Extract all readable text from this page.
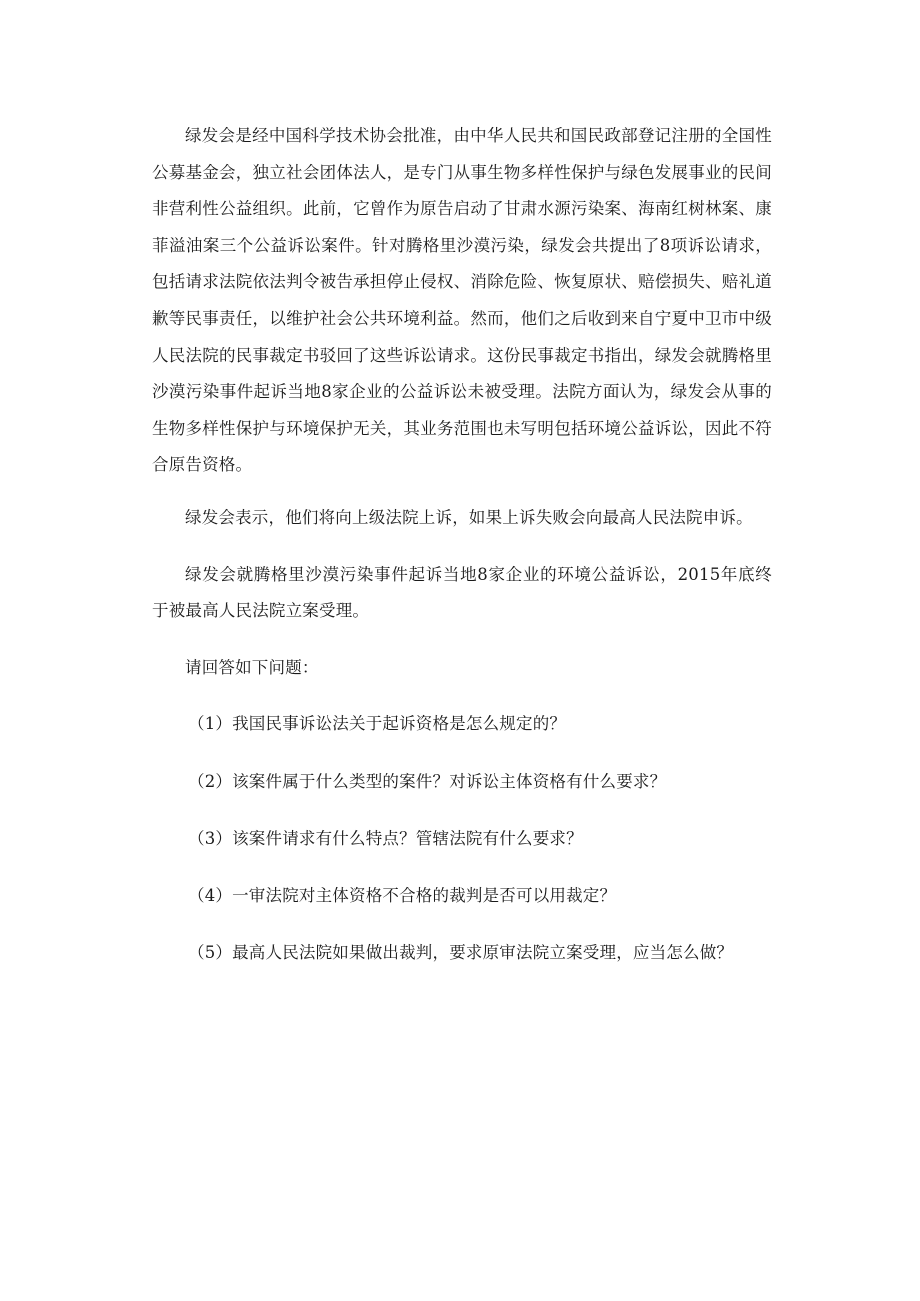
绿发会是经中国科学技术协会批准，由中华人民共和国民政部登记注册的全国性公募基金会，独立社会团体法人，是专门从事生物多样性保护与绿色发展事业的民间非营利性公益组织。此前，它曾作为原告启动了甘肃水源污染案、海南红树林案、康菲溢油案三个公益诉讼案件。针对腾格里沙漠污染，绿发会共提出了8项诉讼请求，包括请求法院依法判令被告承担停止侵权、消除危险、恢复原状、赔偿损失、赔礼道歉等民事责任，以维护社会公共环境利益。然而，他们之后收到来自宁夏中卫市中级人民法院的民事裁定书驳回了这些诉讼请求。这份民事裁定书指出，绿发会就腾格里沙漠污染事件起诉当地8家企业的公益诉讼未被受理。法院方面认为，绿发会从事的生物多样性保护与环境保护无关，其业务范围也未写明包括环境公益诉讼，因此不符合原告资格。

绿发会表示，他们将向上级法院上诉，如果上诉失败会向最高人民法院申诉。

绿发会就腾格里沙漠污染事件起诉当地8家企业的环境公益诉讼，2015年底终于被最高人民法院立案受理。

请回答如下问题：

（1）我国民事诉讼法关于起诉资格是怎么规定的？
（2）该案件属于什么类型的案件？对诉讼主体资格有什么要求？
（3）该案件请求有什么特点？管辖法院有什么要求？
（4）一审法院对主体资格不合格的裁判是否可以用裁定？
（5）最高人民法院如果做出裁判，要求原审法院立案受理，应当怎么做？
